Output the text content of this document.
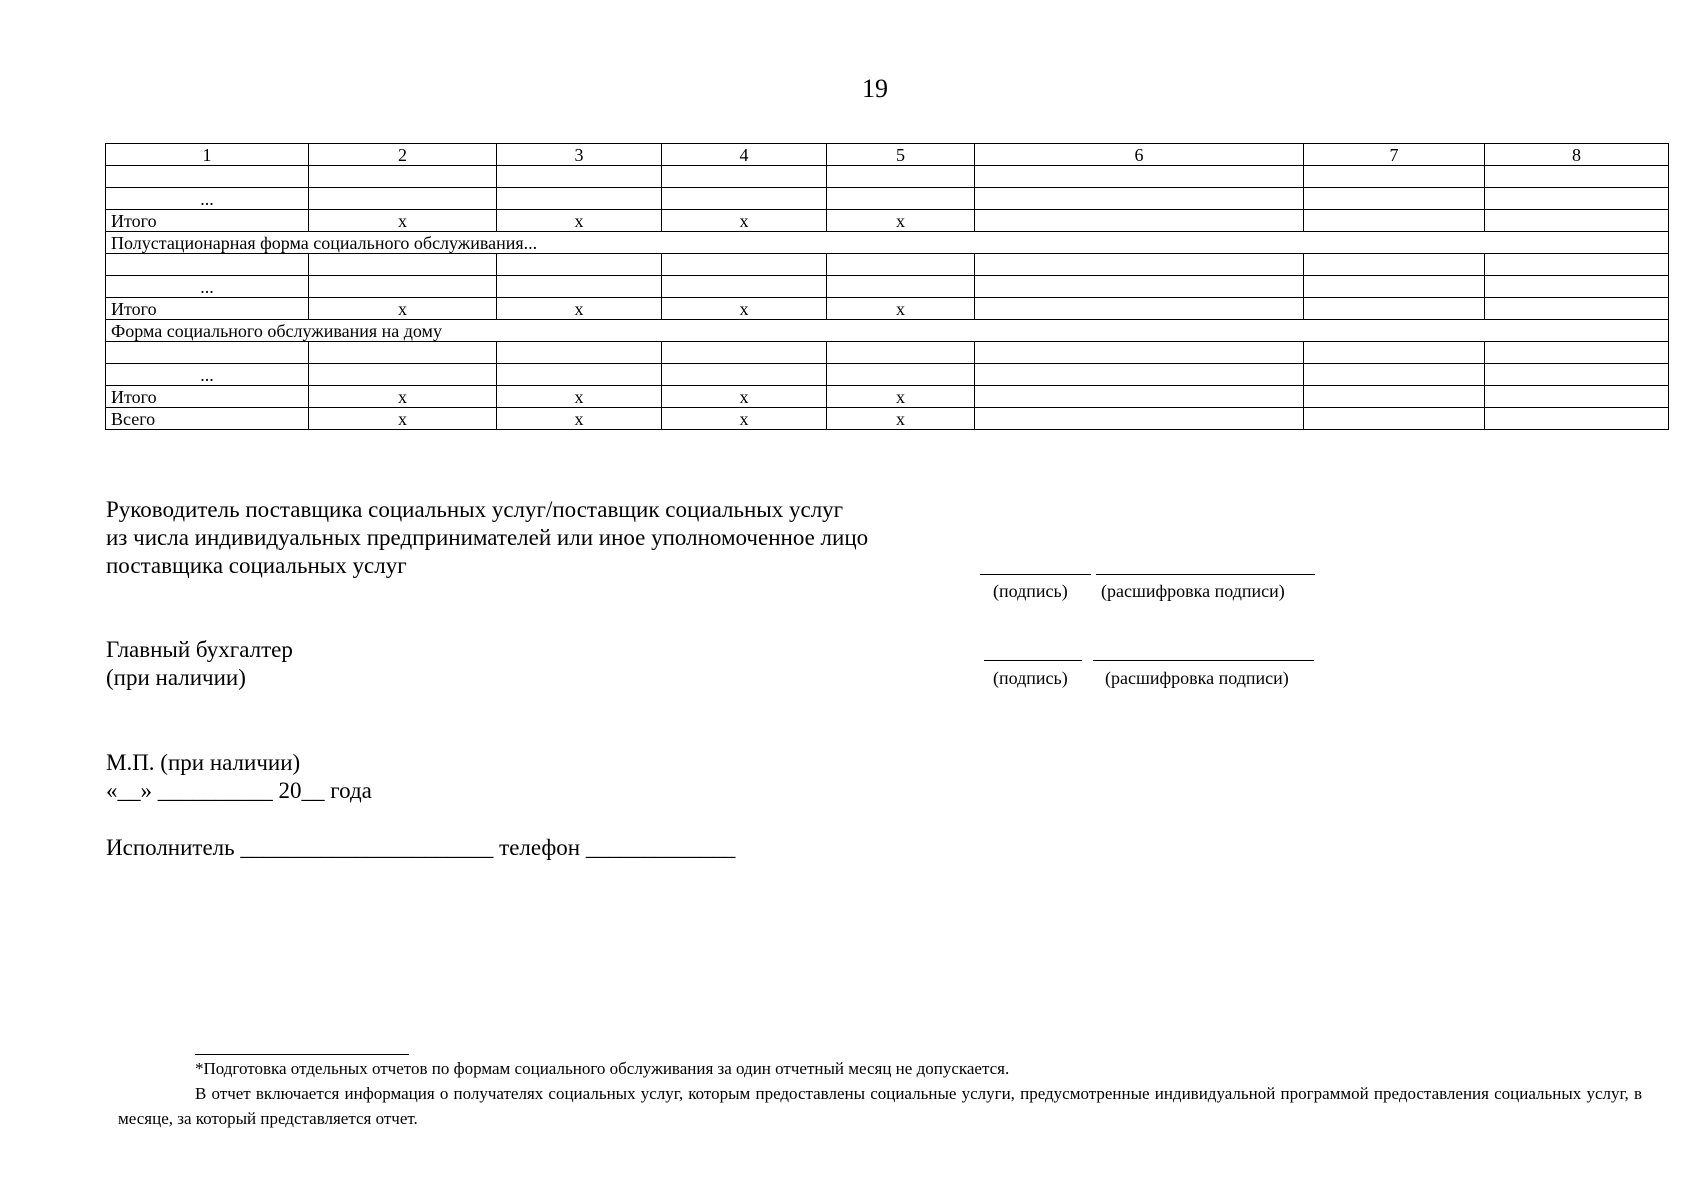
19
1	2	3	4	5	6	7	8

...							
Итого	x	x	x	x			
Полустационарная форма социального обслуживания...							

...							
Итого	x	x	x	x			
Форма социального обслуживания на дому							

...							
Итого	x	x	x	x			
Всего	x	x	x	x			
Руководитель поставщика социальных услуг/поставщик социальных услуг
из числа индивидуальных предпринимателей или иное уполномоченное лицо
поставщика социальных услуг
(подпись) (расшифровка подписи)
Главный бухгалтер
(при наличии)	(подпись) (расшифровка подписи)
М.П. (при наличии)
«__» __________ 20__ года
Исполнитель ______________________ телефон _____________
*Подготовка отдельных отчетов по формам социального обслуживания за один отчетный месяц не допускается.
В отчет включается информация о получателях социальных услуг, которым предоставлены социальные услуги, предусмотренные индивидуальной программой предоставления социальных услуг, в месяце, за который представляется отчет.
